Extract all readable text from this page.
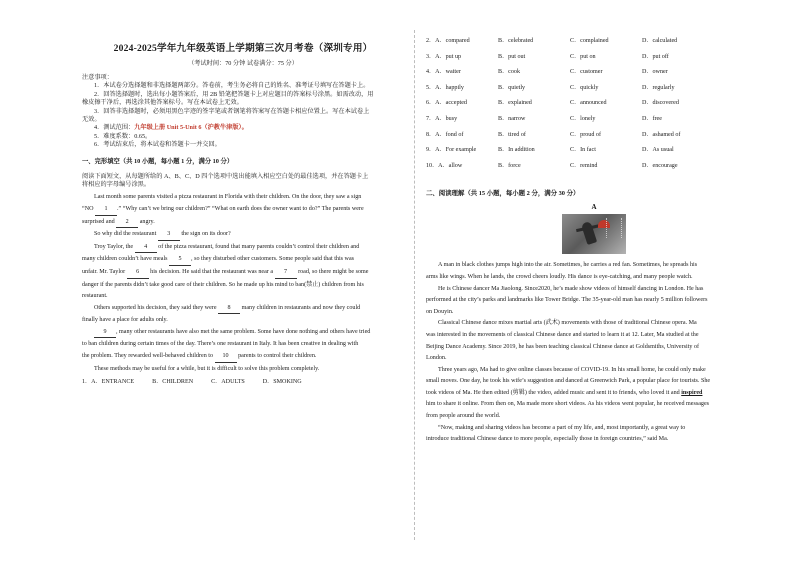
2024-2025学年九年级英语上学期第三次月考卷（深圳专用）
（考试时间：70 分钟 试卷满分：75 分）

注意事项：

1．本试卷分选择题和非选择题两部分。答卷前，考生务必将自己的姓名、准考证号填写在答题卡上。

2．回答选择题时，选出每小题答案后，用 2B 铅笔把答题卡上对应题目的答案标号涂黑。如需改动，用

橡皮擦干净后，再选涂其他答案标号。写在本试卷上无效。

3．回答非选择题时，必须用黑色字迹的签字笔或者钢笔将答案写在答题卡相应位置上。写在本试卷上

无效。

4．测试范围：九年级上册 Unit 5-Unit 6（沪教牛津版）。

5．难度系数：0.65。

6．考试结束后，将本试卷和答题卡一并交回。

一、完形填空（共 10 小题，每小题 1 分，满分 10 分）

阅读下面短文，从每题所给的 A、B、C、D 四个选项中选出能填入相应空白处的最佳选项，并在答题卡上

将相应的字母编号涂黑。

Last month some parents visited a pizza restaurant in Florida with their children. On the door, they saw a sign

“NO 1 .” “Why can’t we bring our children?” “What on earth does the owner want to do?” The parents were

surprised and 2 angry.

So why did the restaurant 3 the sign on its door?

Troy Taylor, the 4 of the pizza restaurant, found that many parents couldn’t control their children and

many children couldn’t have meals 5 , so they disturbed other customers. Some people said that this was

unfair. Mr. Taylor 6 his decision. He said that the restaurant was near a 7 road, so there might be some

danger if the parents didn’t take good care of their children. So he made up his mind to ban(禁止) children from his

restaurant.

Others supported his decision, they said they were 8 many children in restaurants and now they could

finally have a place for adults only.

9 , many other restaurants have also met the same problem. Some have done nothing and others have tried

to ban children during certain times of the day. There’s one restaurant in Italy. It has been creative in dealing with

the problem. They rewarded well-behaved children to 10 parents to control their children.

These methods may be useful for a while, but it is difficult to solve this problem completely.

1．A．ENTRANCE	B．CHILDREN	C．ADULTS	D．SMOKING
2．A．compared	B．celebrated	C．complained	D．calculated
3．A．put up	B．put out	C．put on	D．put off
4．A．waiter	B．cook	C．customer	D．owner
5．A．happily	B．quietly	C．quickly	D．regularly
6．A．accepted	B．explained	C．announced	D．discovered
7．A．busy	B．narrow	C．lonely	D．free
8．A．fond of	B．tired of	C．proud of	D．ashamed of
9．A．For example	B．In addition	C．In fact	D．As usual
10．A．allow	B．force	C．remind	D．encourage
二、阅读理解（共 15 小题，每小题 2 分，满分 30 分）
A

A man in black clothes jumps high into the air. Sometimes, he carries a red fan. Sometimes, he spreads his

arms like wings. When he lands, the crowd cheers loudly. His dance is eye-catching, and many people watch.

He is Chinese dancer Ma Jiaolong. Since2020, he’s made show videos of himself dancing in London. He has

performed at the city’s parks and landmarks like Tower Bridge. The 35-year-old man has nearly 5 million followers

on Douyin.

Classical Chinese dance mixes martial arts (武术) movements with those of traditional Chinese opera. Ma

was interested in the movements of classical Chinese dance and started to learn it at 12. Later, Ma studied at the

Beijing Dance Academy. Since 2019, he has been teaching classical Chinese dance at Goldsmiths, University of

London.

Three years ago, Ma had to give online classes because of COVID-19. In his small home, he could only make

small moves. One day, he took his wife’s suggestion and danced at Greenwich Park, a popular place for tourists. She

took videos of Ma. He then edited (剪辑) the video, added music and sent it to friends, who loved it and inspired

him to share it online. From then on, Ma made more short videos. As his videos went popular, he received messages

from people around the world.

“Now, making and sharing videos has become a part of my life, and, most importantly, a great way to

introduce traditional Chinese dance to more people, especially those in foreign countries,” said Ma.
